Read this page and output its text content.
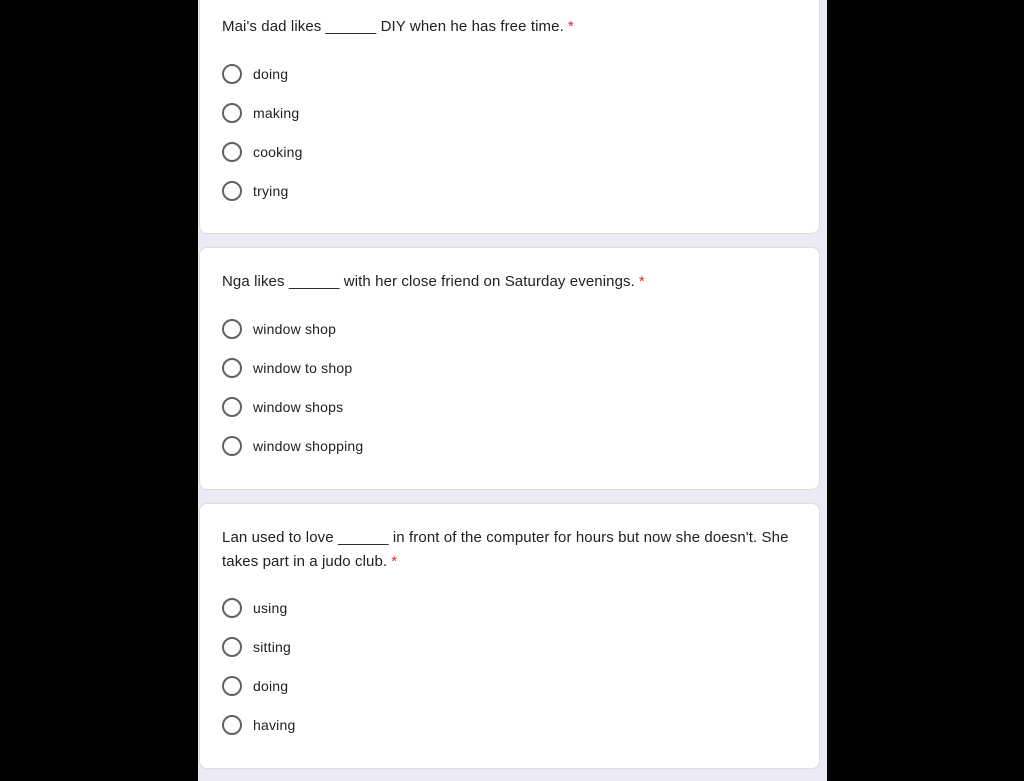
Mai's dad likes ______ DIY when he has free time. *
doing
making
cooking
trying
Nga likes ______ with her close friend on Saturday evenings. *
window shop
window to shop
window shops
window shopping
Lan used to love ______ in front of the computer for hours but now she doesn't. She takes part in a judo club. *
using
sitting
doing
having
